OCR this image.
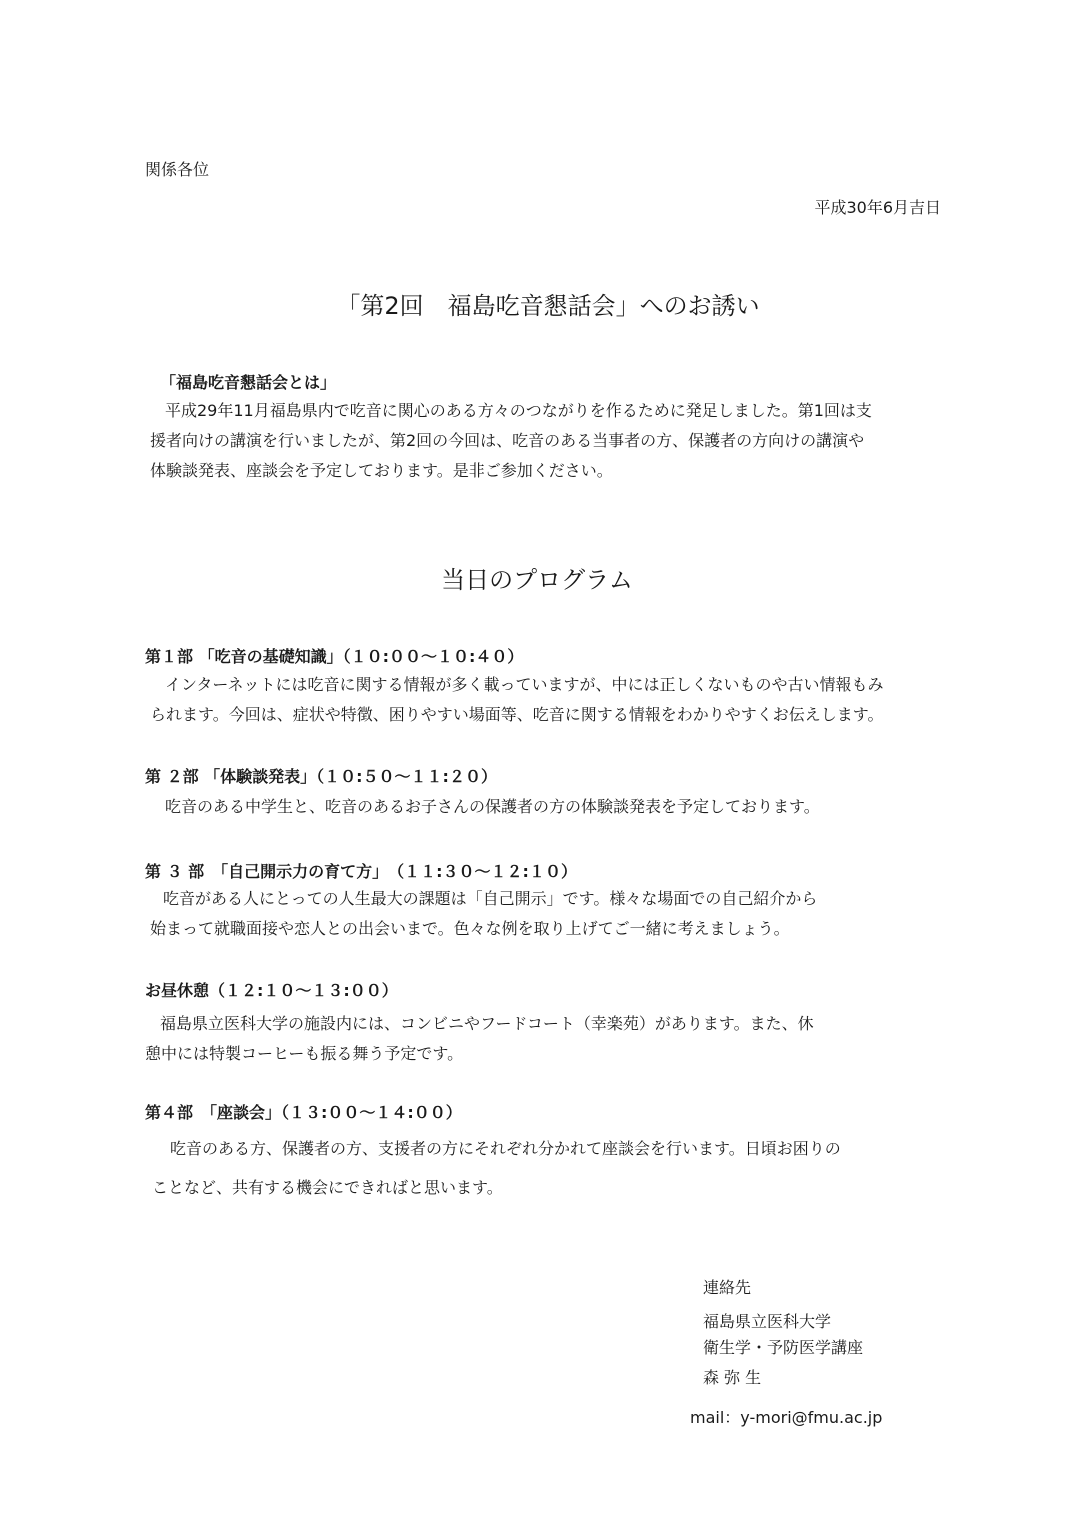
関係各位
平成30年6月吉日
「第2回　福島吃音懇話会」へのお誘い
「福島吃音懇話会とは」
平成29年11月福島県内で吃音に関心のある方々のつながりを作るために発足しました。第1回は支
援者向けの講演を行いましたが、第2回の今回は、吃音のある当事者の方、保護者の方向けの講演や
体験談発表、座談会を予定しております。是非ご参加ください。
当日のプログラム
第１部 「吃音の基礎知識」（１０:００～１０:４０）
インターネットには吃音に関する情報が多く載っていますが、中には正しくないものや古い情報もみ
られます。今回は、症状や特徴、困りやすい場面等、吃音に関する情報をわかりやすくお伝えします。
第 ２部 「体験談発表」（１０:５０～１１:２０）
吃音のある中学生と、吃音のあるお子さんの保護者の方の体験談発表を予定しております。
第 ３ 部　「自己開示力の育て方」　（１１:３０～１２:１０）
吃音がある人にとっての人生最大の課題は「自己開示」です。様々な場面での自己紹介から
始まって就職面接や恋人との出会いまで。色々な例を取り上げてご一緒に考えましょう。
お昼休憩（１２:１０～１３:００）
福島県立医科大学の施設内には、コンビニやフードコート（幸楽苑）があります。また、休
憩中には特製コーヒーも振る舞う予定です。
第４部　「座談会」（１３:００～１４:００）
吃音のある方、保護者の方、支援者の方にそれぞれ分かれて座談会を行います。日頃お困りの
ことなど、共有する機会にできればと思います。
連絡先
福島県立医科大学
衛生学・予防医学講座
森 弥 生
mail：y-mori@fmu.ac.jp
